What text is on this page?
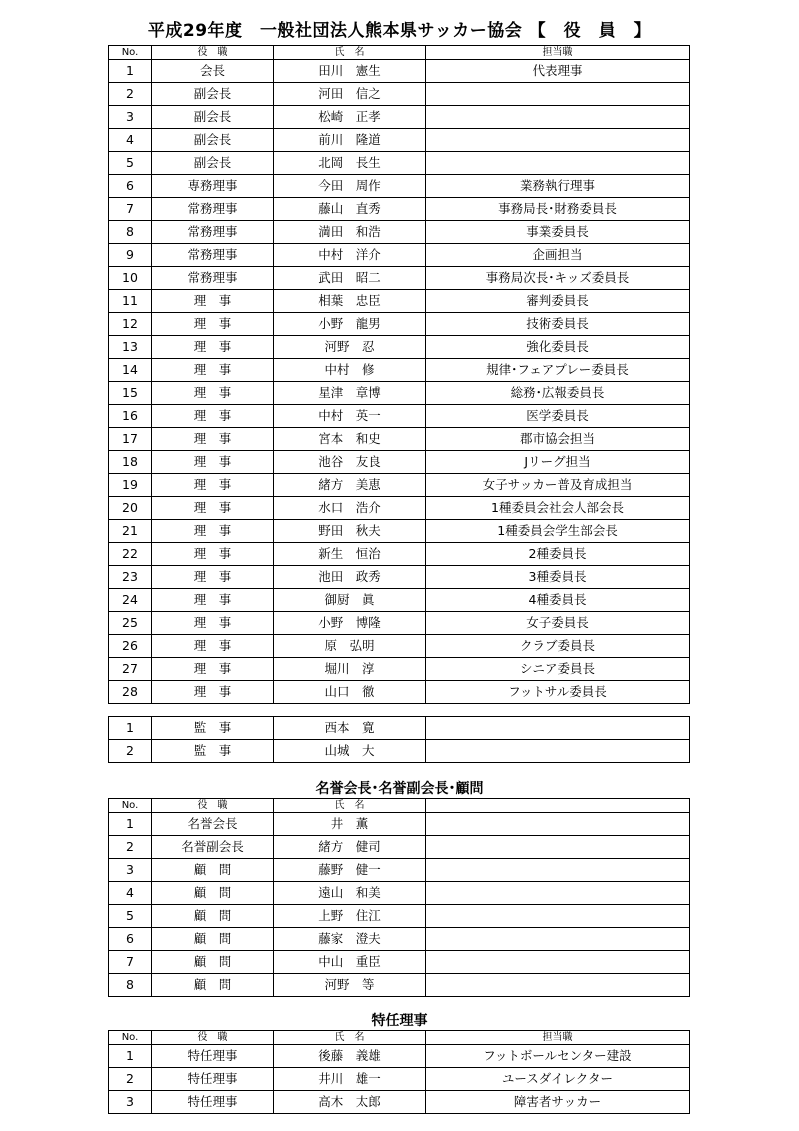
平成29年度　一般社団法人熊本県サッカー協会 【　役　員　】
No.	役　職	氏　名	担当職
1	会長	田川　憲生	代表理事
2	副会長	河田　信之	
3	副会長	松崎　正孝	
4	副会長	前川　隆道	
5	副会長	北岡　長生	
6	専務理事	今田　周作	業務執行理事
7	常務理事	藤山　直秀	事務局長･財務委員長
8	常務理事	満田　和浩	事業委員長
9	常務理事	中村　洋介	企画担当
10	常務理事	武田　昭二	事務局次長･キッズ委員長
11	理　事	相葉　忠臣	審判委員長
12	理　事	小野　龍男	技術委員長
13	理　事	河野　忍	強化委員長
14	理　事	中村　修	規律･フェアプレー委員長
15	理　事	星津　章博	総務･広報委員長
16	理　事	中村　英一	医学委員長
17	理　事	宮本　和史	郡市協会担当
18	理　事	池谷　友良	Jリーグ担当
19	理　事	緒方　美恵	女子サッカー普及育成担当
20	理　事	水口　浩介	1種委員会社会人部会長
21	理　事	野田　秋夫	1種委員会学生部会長
22	理　事	新生　恒治	2種委員長
23	理　事	池田　政秀	3種委員長
24	理　事	御厨　眞	4種委員長
25	理　事	小野　博隆	女子委員長
26	理　事	原　弘明	クラブ委員長
27	理　事	堀川　淳	シニア委員長
28	理　事	山口　徹	フットサル委員長
1	監　事	西本　寛	
2	監　事	山城　大	
名誉会長･名誉副会長･顧問
No.	役　職	氏　名	
1	名誉会長	井　薫	
2	名誉副会長	緒方　健司	
3	顧　問	藤野　健一	
4	顧　問	遠山　和美	
5	顧　問	上野　住江	
6	顧　問	藤家　澄夫	
7	顧　問	中山　重臣	
8	顧　問	河野　等	
特任理事
No.	役　職	氏　名	担当職
1	特任理事	後藤　義雄	フットボールセンター建設
2	特任理事	井川　雄一	ユースダイレクター
3	特任理事	高木　太郎	障害者サッカー
